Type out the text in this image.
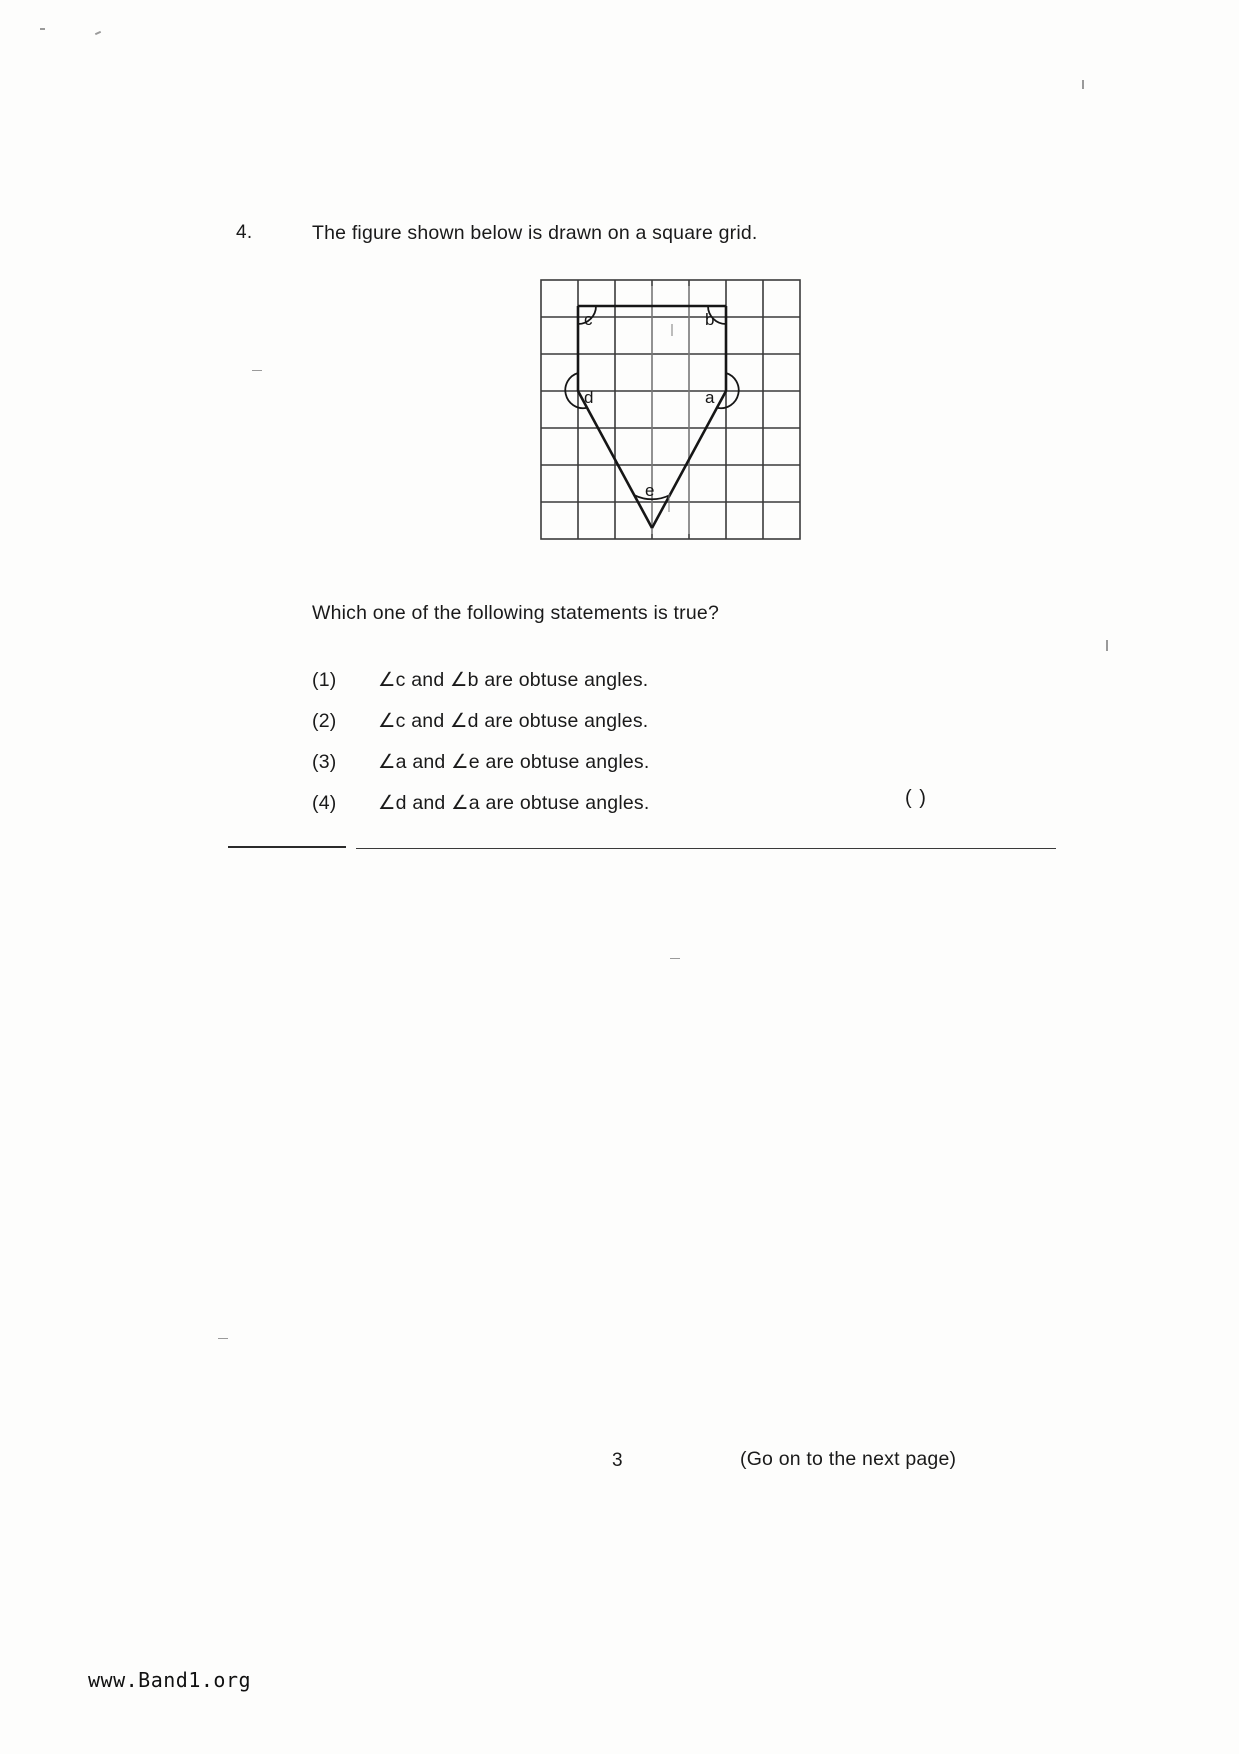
4.	The figure shown below is drawn on a square grid.
c	b
d	a
e
Which one of the following statements is true?
(1)	∠c and ∠b are obtuse angles.
(2)	∠c and ∠d are obtuse angles.
(3)	∠a and ∠e are obtuse angles.
(4)	∠d and ∠a are obtuse angles.	( )
3	(Go on to the next page)
www.Band1.org
